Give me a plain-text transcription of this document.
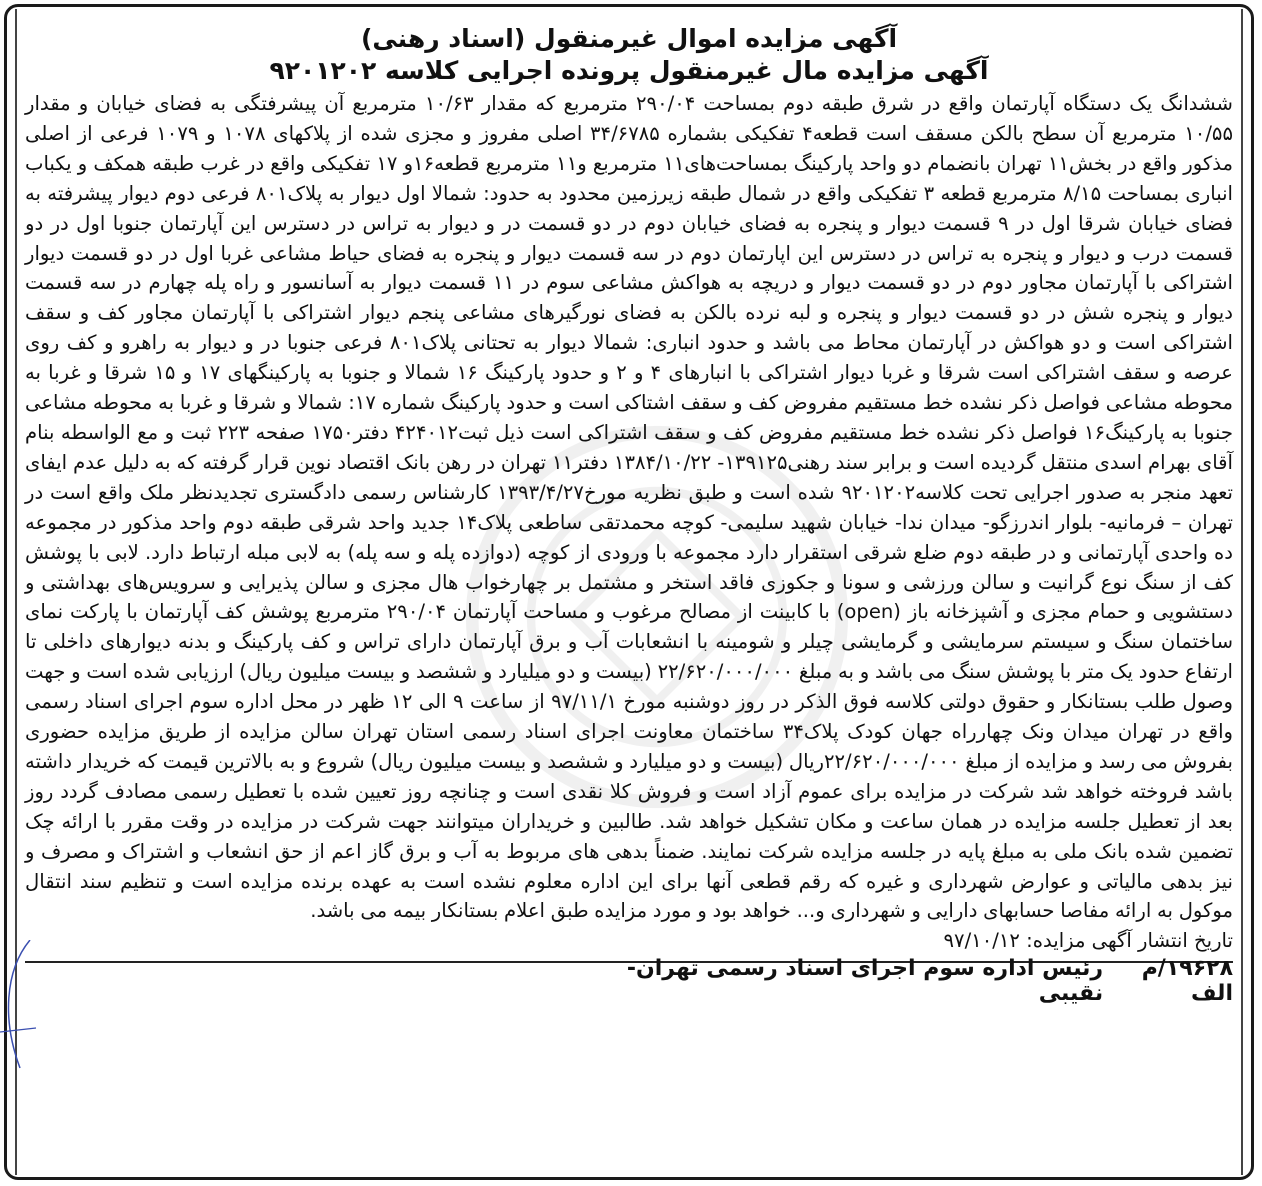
آگهی مزایده اموال غیرمنقول (اسناد رهنی)
آگهی مزایده مال غیرمنقول پرونده اجرایی کلاسه ۹۲۰۱۲۰۲

ششدانگ یک دستگاه آپارتمان واقع در شرق طبقه دوم بمساحت ۲۹۰/۰۴ مترمربع که مقدار ۱۰/۶۳ مترمربع آن پیشرفتگی به فضای خیابان و مقدار ۱۰/۵۵ مترمربع آن سطح بالکن مسقف است قطعه۴ تفکیکی بشماره ۳۴/۶۷۸۵ اصلی مفروز و مجزی شده از پلاکهای ۱۰۷۸ و ۱۰۷۹ فرعی از اصلی مذکور واقع در بخش۱۱ تهران بانضمام دو واحد پارکینگ بمساحت‌های۱۱ مترمربع و۱۱ مترمربع قطعه۱۶و ۱۷ تفکیکی واقع در غرب طبقه همکف و یکباب انباری بمساحت ۸/۱۵ مترمربع قطعه ۳ تفکیکی واقع در شمال طبقه زیرزمین محدود به حدود: شمالا اول دیوار به پلاک۸۰۱ فرعی دوم دیوار پیشرفته به فضای خیابان شرقا اول در ۹ قسمت دیوار و پنجره به فضای خیابان دوم در دو قسمت در و دیوار به تراس در دسترس این آپارتمان جنوبا اول در دو قسمت درب و دیوار و پنجره به تراس در دسترس این اپارتمان دوم در سه قسمت دیوار و پنجره به فضای حیاط مشاعی غربا اول در دو قسمت دیوار اشتراکی با آپارتمان مجاور دوم در دو قسمت دیوار و دریچه به هواکش مشاعی سوم در ۱۱ قسمت دیوار به آسانسور و راه پله چهارم در سه قسمت دیوار و پنجره شش در دو قسمت دیوار و پنجره و لبه نرده بالکن به فضای نورگیرهای مشاعی پنجم دیوار اشتراکی با آپارتمان مجاور کف و سقف اشتراکی است و دو هواکش در آپارتمان محاط می باشد و حدود انباری: شمالا دیوار به تحتانی پلاک۸۰۱ فرعی جنوبا در و دیوار به راهرو و کف روی عرصه و سقف اشتراکی است شرقا و غربا دیوار اشتراکی با انبارهای ۴ و ۲ و حدود پارکینگ ۱۶ شمالا و جنوبا به پارکینگهای ۱۷ و ۱۵ شرقا و غربا به محوطه مشاعی فواصل ذکر نشده خط مستقیم مفروض کف و سقف اشتاکی است و حدود پارکینگ شماره ۱۷: شمالا و شرقا و غربا به محوطه مشاعی جنوبا به پارکینگ۱۶ فواصل ذکر نشده خط مستقیم مفروض کف و سقف اشتراکی است ذیل ثبت۴۲۴۰۱۲ دفتر۱۷۵۰ صفحه ۲۲۳ ثبت و مع الواسطه بنام آقای بهرام اسدی منتقل گردیده است و برابر سند رهنی۱۳۹۱۲۵- ۱۳۸۴/۱۰/۲۲ دفتر۱۱ تهران در رهن بانک اقتصاد نوین قرار گرفته که به دلیل عدم ایفای تعهد منجر به صدور اجرایی تحت کلاسه۹۲۰۱۲۰۲ شده است و طبق نظریه مورخ۱۳۹۳/۴/۲۷ کارشناس رسمی دادگستری تجدیدنظر ملک واقع است در تهران – فرمانیه- بلوار اندرزگو- میدان ندا- خیابان شهید سلیمی- کوچه محمدتقی ساطعی پلاک۱۴ جدید واحد شرقی طبقه دوم واحد مذکور در مجموعه ده واحدی آپارتمانی و در طبقه دوم ضلع شرقی استقرار دارد مجموعه با ورودی از کوچه (دوازده پله و سه پله) به لابی مبله ارتباط دارد. لابی با پوشش کف از سنگ نوع گرانیت و سالن ورزشی و سونا و جکوزی فاقد استخر و مشتمل بر چهارخواب هال مجزی و سالن پذیرایی و سرویس‌های بهداشتی و دستشویی و حمام مجزی و آشپزخانه باز (open) با کابینت از مصالح مرغوب و مساحت آپارتمان ۲۹۰/۰۴ مترمربع پوشش کف آپارتمان با پارکت نمای ساختمان سنگ و سیستم سرمایشی و گرمایشی چیلر و شومینه با انشعابات آب و برق آپارتمان دارای تراس و کف پارکینگ و بدنه دیوارهای داخلی تا ارتفاع حدود یک متر با پوشش سنگ می باشد و به مبلغ ۲۲/۶۲۰/۰۰۰/۰۰۰ (بیست و دو میلیارد و ششصد و بیست میلیون ریال) ارزیابی شده است و جهت وصول طلب بستانکار و حقوق دولتی کلاسه فوق الذکر در روز دوشنبه مورخ ۹۷/۱۱/۱ از ساعت ۹ الی ۱۲ ظهر در محل اداره سوم اجرای اسناد رسمی واقع در تهران میدان ونک چهارراه جهان کودک پلاک۳۴ ساختمان معاونت اجرای اسناد رسمی استان تهران سالن مزایده از طریق مزایده حضوری بفروش می رسد و مزایده از مبلغ ۲۲/۶۲۰/۰۰۰/۰۰۰ریال (بیست و دو میلیارد و ششصد و بیست میلیون ریال) شروع و به بالاترین قیمت که خریدار داشته باشد فروخته خواهد شد شرکت در مزایده برای عموم آزاد است و فروش کلا نقدی است و چنانچه روز تعیین شده با تعطیل رسمی مصادف گردد روز بعد از تعطیل جلسه مزایده در همان ساعت و مکان تشکیل خواهد شد. طالبین و خریداران میتوانند جهت شرکت در مزایده در وقت مقرر با ارائه چک تضمین شده بانک ملی به مبلغ پایه در جلسه مزایده شرکت نمایند. ضمناً بدهی های مربوط به آب و برق گاز اعم از حق انشعاب و اشتراک و مصرف و نیز بدهی مالیاتی و عوارض شهرداری و غیره که رقم قطعی آنها برای این اداره معلوم نشده است به عهده برنده مزایده است و تنظیم سند انتقال موکول به ارائه مفاصا حسابهای دارایی و شهرداری و... خواهد بود و مورد مزایده طبق اعلام بستانکار بیمه می باشد.

تاریخ انتشار آگهی مزایده: ۹۷/۱۰/۱۲

۱۹۶۲۸/م الف
رئیس اداره سوم اجرای اسناد رسمی تهران-نقیبی
